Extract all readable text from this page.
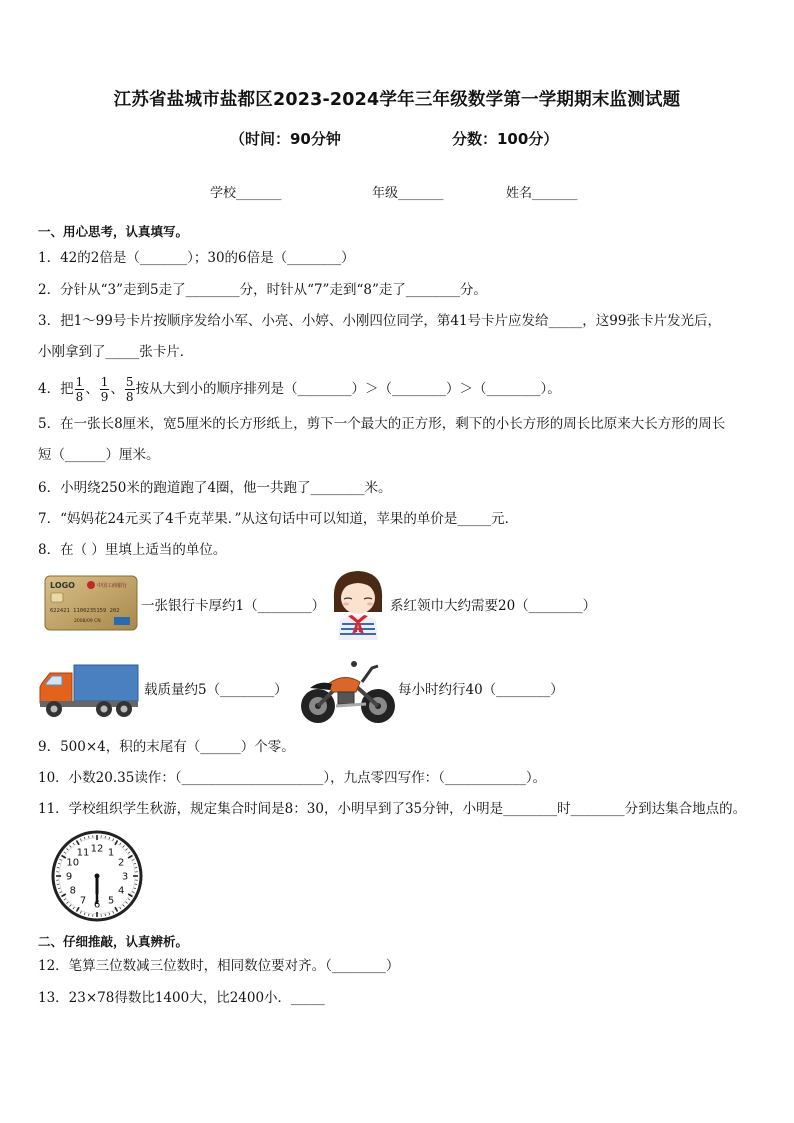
江苏省盐城市盐都区2023-2024学年三年级数学第一学期期末监测试题
（时间：90分钟	分数：100分）
学校_______	年级_______	姓名_______
一、用心思考，认真填写。
1．42的2倍是（_______）；30的6倍是（________）
2．分针从“3”走到5走了________分，时针从“7”走到“8”走了________分。
3．把1～99号卡片按顺序发给小军、小亮、小婷、小刚四位同学，第41号卡片应发给_____，这99张卡片发光后，
小刚拿到了_____张卡片．
4．把 $\frac{1}{8}$ 、 $\frac{1}{9}$ 、 $\frac{5}{8}$ 按从大到小的顺序排列是（________）＞（________）＞（________）。
5．在一张长8厘米，宽5厘米的长方形纸上，剪下一个最大的正方形，剩下的小长方形的周长比原来大长方形的周长
短（______）厘米。
6．小明绕250米的跑道跑了4圈，他一共跑了________米。
7．“妈妈花24元买了4千克苹果．”从这句话中可以知道，苹果的单价是_____元．
8．在（ ）里填上适当的单位。
LOGO	中国工商银行
622421 1100235159 202
2008/09 CN
一张银行卡厚约1（________）	系红领巾大约需要20（________）
载质量约5（________）	每小时约行40（________）
9．500×4，积的末尾有（______）个零。
10．小数20.35读作：（_____________________），九点零四写作：（____________）。
11．学校组织学生秋游，规定集合时间是8：30，小明早到了35分钟，小明是________时________分到达集合地点的。
12 1
2
3
4
5
6
7
8
9
10
11
二、仔细推敲，认真辨析。
12．笔算三位数减三位数时，相同数位要对齐。（________）
13．23×78得数比1400大，比2400小．_____
